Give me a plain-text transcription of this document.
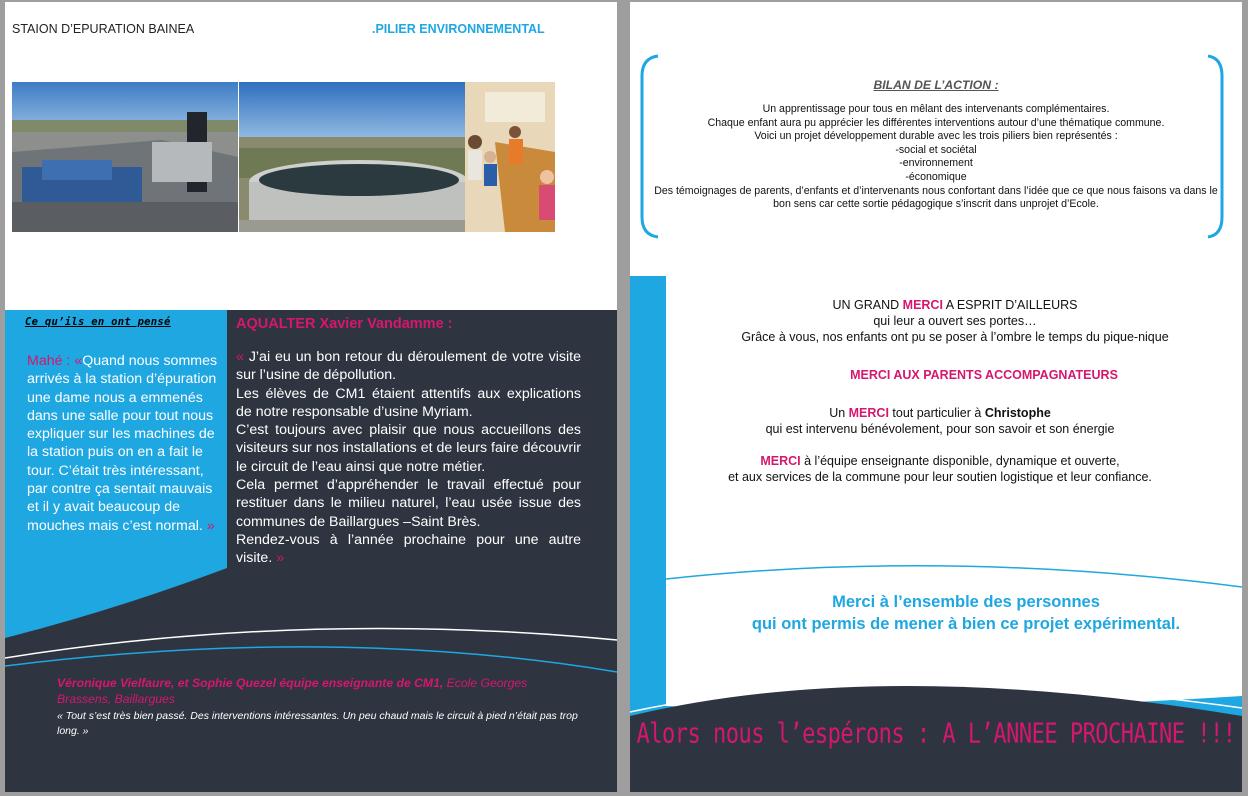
STAION D’EPURATION BAINEA	.PILIER ENVIRONNEMENTAL
Ce qu’ils en ont pensé
Mahé : «Quand nous sommes arrivés à la station d’épuration une dame nous a emmenés dans une salle pour tout nous expliquer sur les machines de la station puis on en a fait le tour. C’était très intéressant, par contre ça sentait mauvais et il y avait beaucoup de mouches mais c’est normal. »
AQUALTER Xavier Vandamme :

« J’ai eu un bon retour du déroulement de votre visite sur l’usine de dépollution.

Les élèves de CM1 étaient attentifs aux explications de notre responsable d’usine Myriam.

C’est toujours avec plaisir que nous accueillons des visiteurs sur nos installations et de leurs faire découvrir le circuit de l’eau ainsi que notre métier.

Cela permet d’appréhender le travail effectué pour restituer dans le milieu naturel, l’eau usée issue des communes de Baillargues –Saint Brès.

Rendez-vous à l’année prochaine pour une autre visite. »

Véronique Vielfaure, et Sophie Quezel équipe enseignante de CM1, Ecole Georges Brassens, Baillargues
« Tout s’est très bien passé. Des interventions intéressantes. Un peu chaud mais le circuit à pied n’était pas trop long. »
BILAN DE L’ACTION :

Un apprentissage pour tous en mêlant des intervenants complémentaires.

Chaque enfant aura pu apprécier les différentes interventions autour d’une thématique commune.

Voici un projet développement durable avec les trois piliers bien représentés :

-social et sociétal

-environnement

-économique

Des témoignages de parents, d’enfants et d’intervenants nous confortant dans l’idée que ce que nous faisons va dans le bon sens car cette sortie pédagogique s’inscrit dans unprojet d’Ecole.

UN GRAND MERCI A ESPRIT D’AILLEURS

qui leur a ouvert ses portes…

Grâce à vous, nos enfants ont pu se poser à l’ombre le temps du pique-nique

MERCI AUX PARENTS ACCOMPAGNATEURS

Un MERCI tout particulier à Christophe

qui est intervenu bénévolement, pour son savoir et son énergie

MERCI à l’équipe enseignante disponible, dynamique et ouverte,

et aux services de la commune pour leur soutien logistique et leur confiance.

Merci à l’ensemble des personnes

qui ont permis de mener à bien ce projet expérimental.

Alors nous l’espérons : A L’ANNEE PROCHAINE !!!
